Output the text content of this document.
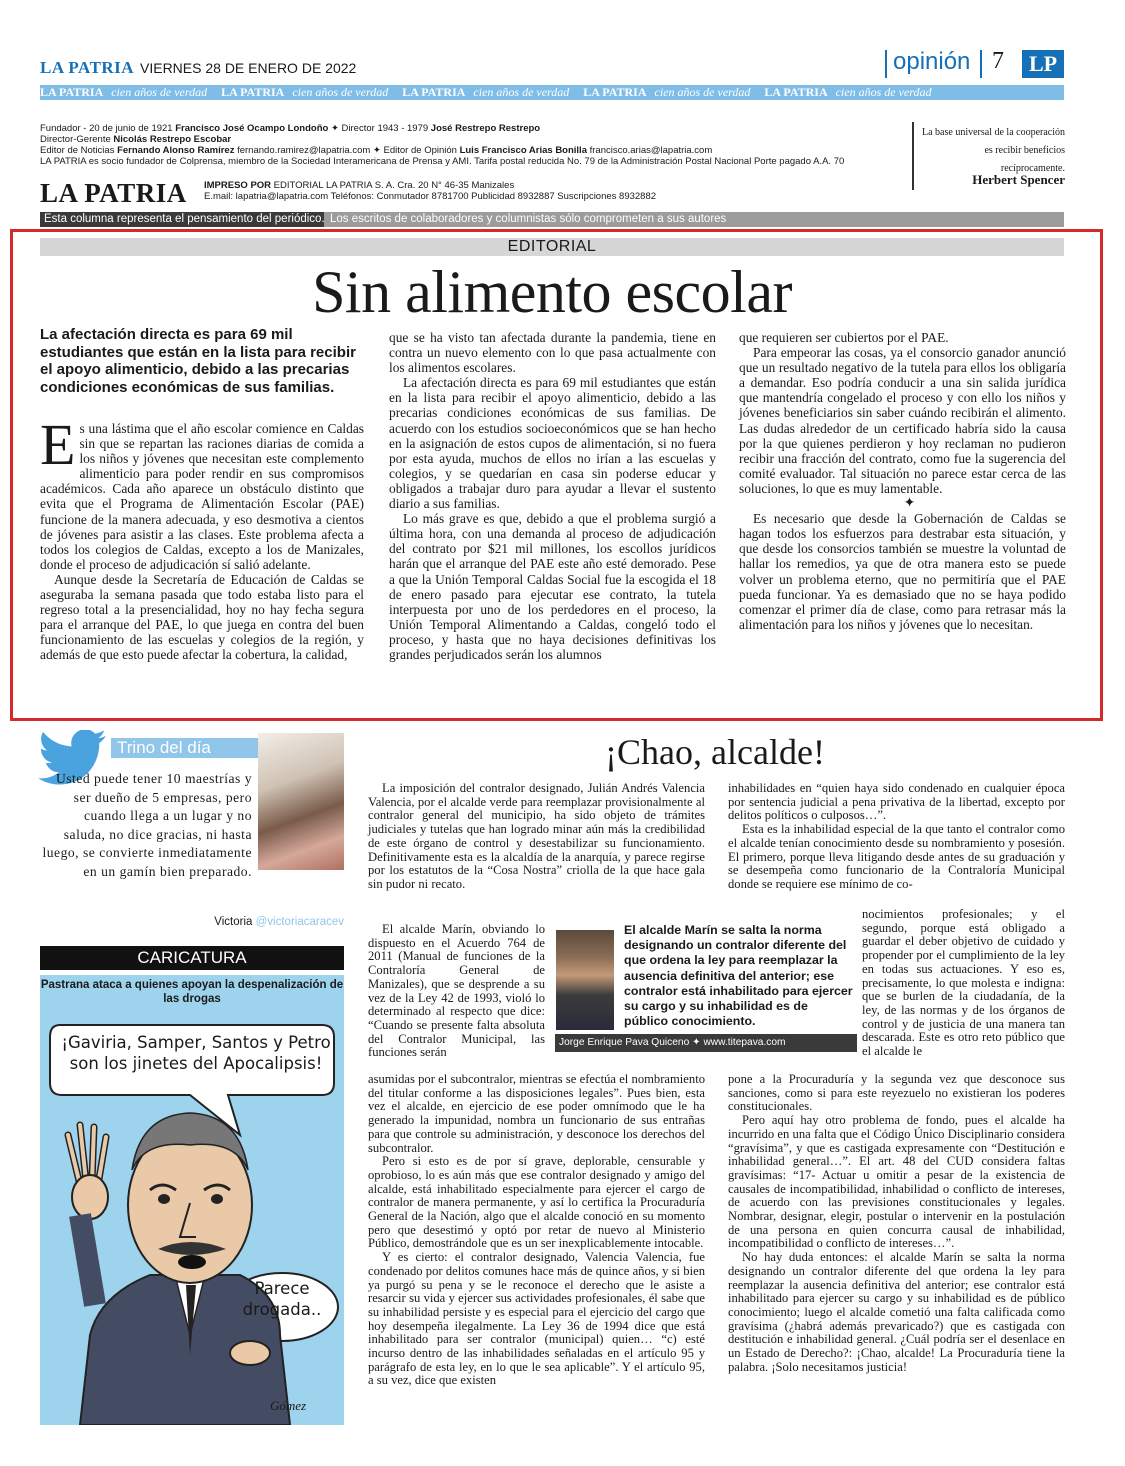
LA PATRIA VIERNES 28 DE ENERO DE 2022	opinión 7	LP
LA PATRIA cien años de verdad LA PATRIA cien años de verdad LA PATRIA cien años de verdad LA PATRIA cien años de verdad LA PATRIA cien años de verdad
Fundador - 20 de junio de 1921 Francisco José Ocampo Londoño ✦ Director 1943 - 1979 José Restrepo Restrepo
Director-Gerente Nicolás Restrepo Escobar
Editor de Noticias Fernando Alonso Ramírez fernando.ramirez@lapatria.com ✦ Editor de Opinión Luis Francisco Arias Bonilla francisco.arias@lapatria.com
LA PATRIA es socio fundador de Colprensa, miembro de la Sociedad Interamericana de Prensa y AMI. Tarifa postal reducida No. 79 de la Administración Postal Nacional Porte pagado A.A. 70
LA PATRIA IMPRESO POR EDITORIAL LA PATRIA S. A. Cra. 20 N° 46-35 Manizales
E.mail: lapatria@lapatria.com Teléfonos: Conmutador 8781700 Publicidad 8932887 Suscripciones 8932882
La base universal de la cooperación es recibir beneficios recíprocamente.
Herbert Spencer
Esta columna representa el pensamiento del periódico. Los escritos de colaboradores y columnistas sólo comprometen a sus autores
EDITORIAL
Sin alimento escolar
La afectación directa es para 69 mil estudiantes que están en la lista para recibir el apoyo alimenticio, debido a las precarias condiciones económicas de sus familias.

Es una lástima que el año escolar comience en Caldas sin que se repartan las raciones diarias de comida a los niños y jóvenes que necesitan este complemento alimenticio para poder rendir en sus compromisos académicos. Cada año aparece un obstáculo distinto que evita que el Programa de Alimentación Escolar (PAE) funcione de la manera adecuada, y eso desmotiva a cientos de jóvenes para asistir a las clases. Este problema afecta a todos los colegios de Caldas, excepto a los de Manizales, donde el proceso de adjudicación sí salió adelante.

Aunque desde la Secretaría de Educación de Caldas se aseguraba la semana pasada que todo estaba listo para el regreso total a la presencialidad, hoy no hay fecha segura para el arranque del PAE, lo que juega en contra del buen funcionamiento de las escuelas y colegios de la región, y además de que esto puede afectar la cobertura, la calidad,

que se ha visto tan afectada durante la pandemia, tiene en contra un nuevo elemento con lo que pasa actualmente con los alimentos escolares.

La afectación directa es para 69 mil estudiantes que están en la lista para recibir el apoyo alimenticio, debido a las precarias condiciones económicas de sus familias. De acuerdo con los estudios socioeconómicos que se han hecho en la asignación de estos cupos de alimentación, si no fuera por esta ayuda, muchos de ellos no irían a las escuelas y colegios, y se quedarían en casa sin poderse educar y obligados a trabajar duro para ayudar a llevar el sustento diario a sus familias.

Lo más grave es que, debido a que el problema surgió a última hora, con una demanda al proceso de adjudicación del contrato por $21 mil millones, los escollos jurídicos harán que el arranque del PAE este año esté demorado. Pese a que la Unión Temporal Caldas Social fue la escogida el 18 de enero pasado para ejecutar ese contrato, la tutela interpuesta por uno de los perdedores en el proceso, la Unión Temporal Alimentando a Caldas, congeló todo el proceso, y hasta que no haya decisiones definitivas los grandes perjudicados serán los alumnos

que requieren ser cubiertos por el PAE.

Para empeorar las cosas, ya el consorcio ganador anunció que un resultado negativo de la tutela para ellos los obligaría a demandar. Eso podría conducir a una sin salida jurídica que mantendría congelado el proceso y con ello los niños y jóvenes beneficiarios sin saber cuándo recibirán el alimento. Las dudas alrededor de un certificado habría sido la causa por la que quienes perdieron y hoy reclaman no pudieron recibir una fracción del contrato, como fue la sugerencia del comité evaluador. Tal situación no parece estar cerca de las soluciones, lo que es muy lamentable.

✦

Es necesario que desde la Gobernación de Caldas se hagan todos los esfuerzos para destrabar esta situación, y que desde los consorcios también se muestre la voluntad de hallar los remedios, ya que de otra manera esto se puede volver un problema eterno, que no permitiría que el PAE pueda funcionar. Ya es demasiado que no se haya podido comenzar el primer día de clase, como para retrasar más la alimentación para los niños y jóvenes que lo necesitan.

Trino del día
Usted puede tener 10 maestrías y ser dueño de 5 empresas, pero cuando llega a un lugar y no saluda, no dice gracias, ni hasta luego, se convierte inmediatamente en un gamín bien preparado.
Victoria @victoriacaracev
CARICATURA
Pastrana ataca a quienes apoyan la despenalización de las drogas
¡Gaviria, Samper, Santos y Petro son los jinetes del Apocalipsis!
Parece drogada..
Gómez
¡Chao, alcalde!

La imposición del contralor designado, Julián Andrés Valencia Valencia, por el alcalde verde para reemplazar provisionalmente al contralor general del municipio, ha sido objeto de trámites judiciales y tutelas que han logrado minar aún más la credibilidad de este órgano de control y desestabilizar su funcionamiento. Definitivamente esta es la alcaldía de la anarquía, y parece regirse por los estatutos de la “Cosa Nostra” criolla de la que hace gala sin pudor ni recato.

El alcalde Marín, obviando lo dispuesto en el Acuerdo 764 de 2011 (Manual de funciones de la Contraloría General de Manizales), que se desprende a su vez de la Ley 42 de 1993, violó lo determinado al respecto que dice: “Cuando se presente falta absoluta del Contralor Municipal, las funciones serán

asumidas por el subcontralor, mientras se efectúa el nombramiento del titular conforme a las disposiciones legales”. Pues bien, esta vez el alcalde, en ejercicio de ese poder omnímodo que le ha generado la impunidad, nombra un funcionario de sus entrañas para que controle su administración, y desconoce los derechos del subcontralor.

Pero si esto es de por sí grave, deplorable, censurable y oprobioso, lo es aún más que ese contralor designado y amigo del alcalde, está inhabilitado especialmente para ejercer el cargo de contralor de manera permanente, y así lo certifica la Procuraduría General de la Nación, algo que el alcalde conoció en su momento pero que desestimó y optó por retar de nuevo al Ministerio Público, demostrándole que es un ser inexplicablemente intocable.

Y es cierto: el contralor designado, Valencia Valencia, fue condenado por delitos comunes hace más de quince años, y si bien ya purgó su pena y se le reconoce el derecho que le asiste a resarcir su vida y ejercer sus actividades profesionales, él sabe que su inhabilidad persiste y es especial para el ejercicio del cargo que hoy desempeña ilegalmente. La Ley 36 de 1994 dice que está inhabilitado para ser contralor (municipal) quien… “c) esté incurso dentro de las inhabilidades señaladas en el artículo 95 y parágrafo de esta ley, en lo que le sea aplicable”. Y el artículo 95, a su vez, dice que existen

El alcalde Marín se salta la norma designando un contralor diferente del que ordena la ley para reemplazar la ausencia definitiva del anterior; ese contralor está inhabilitado para ejercer su cargo y su inhabilidad es de público conocimiento.
Jorge Enrique Pava Quiceno ✦ www.titepava.com

inhabilidades en “quien haya sido condenado en cualquier época por sentencia judicial a pena privativa de la libertad, excepto por delitos políticos o culposos…”.

Esta es la inhabilidad especial de la que tanto el contralor como el alcalde tenían conocimiento desde su nombramiento y posesión. El primero, porque lleva litigando desde antes de su graduación y se desempeña como funcionario de la Contraloría Municipal donde se requiere ese mínimo de co-

nocimientos profesionales; y el segundo, porque está obligado a guardar el deber objetivo de cuidado y propender por el cumplimiento de la ley en todas sus actuaciones. Y eso es, precisamente, lo que molesta e indigna: que se burlen de la ciudadanía, de la ley, de las normas y de los órganos de control y de justicia de una manera tan descarada. Este es otro reto público que el alcalde le

pone a la Procuraduría y la segunda vez que desconoce sus sanciones, como si para este reyezuelo no existieran los poderes constitucionales.

Pero aquí hay otro problema de fondo, pues el alcalde ha incurrido en una falta que el Código Único Disciplinario considera “gravísima”, y que es castigada expresamente con “Destitución e inhabilidad general…”. El art. 48 del CUD considera faltas gravísimas: “17- Actuar u omitir a pesar de la existencia de causales de incompatibilidad, inhabilidad o conflicto de intereses, de acuerdo con las previsiones constitucionales y legales. Nombrar, designar, elegir, postular o intervenir en la postulación de una persona en quien concurra causal de inhabilidad, incompatibilidad o conflicto de intereses…”.

No hay duda entonces: el alcalde Marín se salta la norma designando un contralor diferente del que ordena la ley para reemplazar la ausencia definitiva del anterior; ese contralor está inhabilitado para ejercer su cargo y su inhabilidad es de público conocimiento; luego el alcalde cometió una falta calificada como gravísima (¿habrá además prevaricado?) que es castigada con destitución e inhabilidad general. ¿Cuál podría ser el desenlace en un Estado de Derecho?: ¡Chao, alcalde! La Procuraduría tiene la palabra. ¡Solo necesitamos justicia!
